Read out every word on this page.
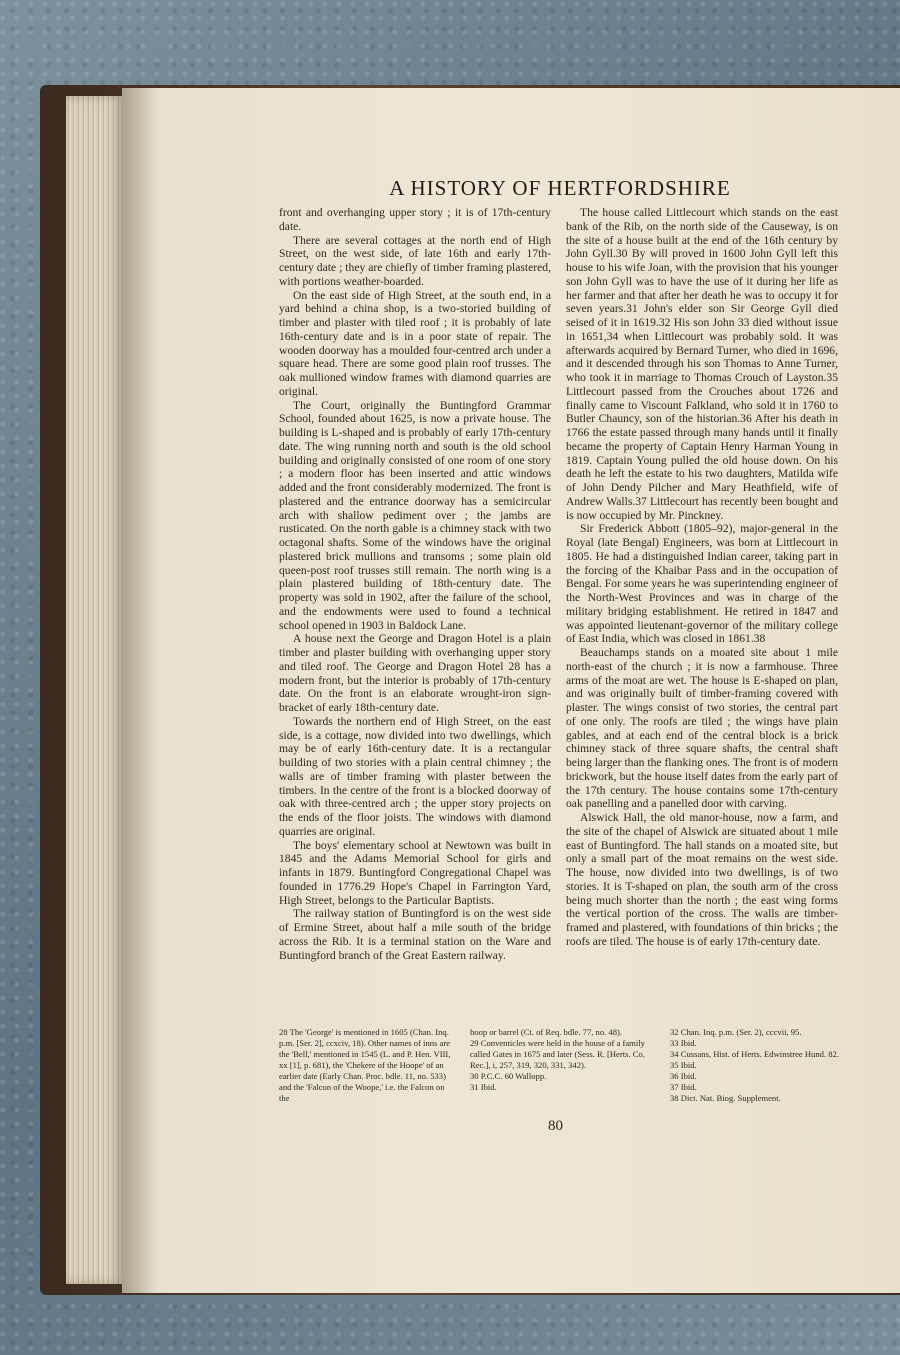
A HISTORY OF HERTFORDSHIRE

front and overhanging upper story ; it is of 17th-century date.

There are several cottages at the north end of High Street, on the west side, of late 16th and early 17th-century date ; they are chiefly of timber framing plastered, with portions weather-boarded.

On the east side of High Street, at the south end, in a yard behind a china shop, is a two-storied building of timber and plaster with tiled roof ; it is probably of late 16th-century date and is in a poor state of repair. The wooden doorway has a moulded four-centred arch under a square head. There are some good plain roof trusses. The oak mullioned window frames with diamond quarries are original.

The Court, originally the Buntingford Grammar School, founded about 1625, is now a private house. The building is L-shaped and is probably of early 17th-century date. The wing running north and south is the old school building and originally consisted of one room of one story ; a modern floor has been inserted and attic windows added and the front considerably modernized. The front is plastered and the entrance doorway has a semicircular arch with shallow pediment over ; the jambs are rusticated. On the north gable is a chimney stack with two octagonal shafts. Some of the windows have the original plastered brick mullions and transoms ; some plain old queen-post roof trusses still remain. The north wing is a plain plastered building of 18th-century date. The property was sold in 1902, after the failure of the school, and the endowments were used to found a technical school opened in 1903 in Baldock Lane.

A house next the George and Dragon Hotel is a plain timber and plaster building with overhanging upper story and tiled roof. The George and Dragon Hotel 28 has a modern front, but the interior is probably of 17th-century date. On the front is an elaborate wrought-iron sign-bracket of early 18th-century date.

Towards the northern end of High Street, on the east side, is a cottage, now divided into two dwellings, which may be of early 16th-century date. It is a rectangular building of two stories with a plain central chimney ; the walls are of timber framing with plaster between the timbers. In the centre of the front is a blocked doorway of oak with three-centred arch ; the upper story projects on the ends of the floor joists. The windows with diamond quarries are original.

The boys' elementary school at Newtown was built in 1845 and the Adams Memorial School for girls and infants in 1879. Buntingford Congregational Chapel was founded in 1776.29 Hope's Chapel in Farrington Yard, High Street, belongs to the Particular Baptists.

The railway station of Buntingford is on the west side of Ermine Street, about half a mile south of the bridge across the Rib. It is a terminal station on the Ware and Buntingford branch of the Great Eastern railway.

The house called Littlecourt which stands on the east bank of the Rib, on the north side of the Causeway, is on the site of a house built at the end of the 16th century by John Gyll.30 By will proved in 1600 John Gyll left this house to his wife Joan, with the provision that his younger son John Gyll was to have the use of it during her life as her farmer and that after her death he was to occupy it for seven years.31 John's elder son Sir George Gyll died seised of it in 1619.32 His son John 33 died without issue in 1651,34 when Littlecourt was probably sold. It was afterwards acquired by Bernard Turner, who died in 1696, and it descended through his son Thomas to Anne Turner, who took it in marriage to Thomas Crouch of Layston.35 Littlecourt passed from the Crouches about 1726 and finally came to Viscount Falkland, who sold it in 1760 to Butler Chauncy, son of the historian.36 After his death in 1766 the estate passed through many hands until it finally became the property of Captain Henry Harman Young in 1819. Captain Young pulled the old house down. On his death he left the estate to his two daughters, Matilda wife of John Dendy Pilcher and Mary Heathfield, wife of Andrew Walls.37 Littlecourt has recently been bought and is now occupied by Mr. Pinckney.

Sir Frederick Abbott (1805–92), major-general in the Royal (late Bengal) Engineers, was born at Littlecourt in 1805. He had a distinguished Indian career, taking part in the forcing of the Khaibar Pass and in the occupation of Bengal. For some years he was superintending engineer of the North-West Provinces and was in charge of the military bridging establishment. He retired in 1847 and was appointed lieutenant-governor of the military college of East India, which was closed in 1861.38

Beauchamps stands on a moated site about 1 mile north-east of the church ; it is now a farmhouse. Three arms of the moat are wet. The house is E-shaped on plan, and was originally built of timber-framing covered with plaster. The wings consist of two stories, the central part of one only. The roofs are tiled ; the wings have plain gables, and at each end of the central block is a brick chimney stack of three square shafts, the central shaft being larger than the flanking ones. The front is of modern brickwork, but the house itself dates from the early part of the 17th century. The house contains some 17th-century oak panelling and a panelled door with carving.

Alswick Hall, the old manor-house, now a farm, and the site of the chapel of Alswick are situated about 1 mile east of Buntingford. The hall stands on a moated site, but only a small part of the moat remains on the west side. The house, now divided into two dwellings, is of two stories. It is T-shaped on plan, the south arm of the cross being much shorter than the north ; the east wing forms the vertical portion of the cross. The walls are timber-framed and plastered, with foundations of thin bricks ; the roofs are tiled. The house is of early 17th-century date.

28 The 'George' is mentioned in 1605 (Chan. Inq. p.m. [Ser. 2], ccxciv, 18). Other names of inns are the 'Bell,' mentioned in 1545 (L. and P. Hen. VIII, xx [1], p. 681), the 'Chekere of the Hoope' of an earlier date (Early Chan. Proc. bdle. 11, no. 533) and the 'Falcon of the Woope,' i.e. the Falcon on the

hoop or barrel (Ct. of Req. bdle. 77, no. 48).

29 Conventicles were held in the house of a family called Gates in 1675 and later (Sess. R. [Herts. Co. Rec.], i, 257, 319, 320, 331, 342).

30 P.C.C. 60 Wallopp.

31 Ibid.

32 Chan. Inq. p.m. (Ser. 2), cccvii, 95.

33 Ibid.

34 Cussans, Hist. of Herts. Edwinstree Hund. 82.

35 Ibid.

36 Ibid.

37 Ibid.

38 Dict. Nat. Biog. Supplement.

80
